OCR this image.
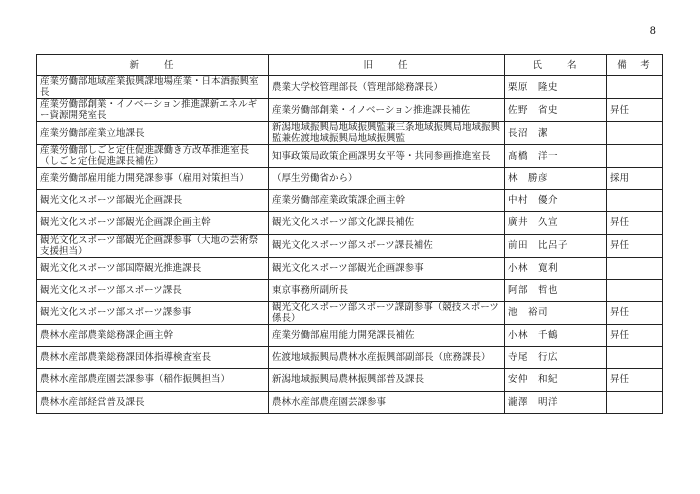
8
新　　任	旧　　任	氏　　名	備　考
産業労働部地域産業振興課地場産業・日本酒振興室長	農業大学校管理部長（管理部総務課長）	栗原　隆史	
産業労働部創業・イノベーション推進課新エネルギー資源開発室長	産業労働部創業・イノベーション推進課長補佐	佐野　省史	昇任
産業労働部産業立地課長	新潟地域振興局地域振興監兼三条地域振興局地域振興監兼佐渡地域振興局地域振興監	長沼　潔	
産業労働部しごと定住促進課働き方改革推進室長（しごと定住促進課長補佐）	知事政策局政策企画課男女平等・共同参画推進室長	髙橋　洋一	
産業労働部雇用能力開発課参事（雇用対策担当）	（厚生労働省から）	林　勝彦	採用
観光文化スポーツ部観光企画課長	産業労働部産業政策課企画主幹	中村　優介	
観光文化スポーツ部観光企画課企画主幹	観光文化スポーツ部文化課長補佐	廣井　久宣	昇任
観光文化スポーツ部観光企画課参事（大地の芸術祭支援担当）	観光文化スポーツ部スポーツ課長補佐	前田　比呂子	昇任
観光文化スポーツ部国際観光推進課長	観光文化スポーツ部観光企画課参事	小林　寛利	
観光文化スポーツ部スポーツ課長	東京事務所副所長	阿部　哲也	
観光文化スポーツ部スポーツ課参事	観光文化スポーツ部スポーツ課副参事（競技スポーツ係長）	池　裕司	昇任
農林水産部農業総務課企画主幹	産業労働部雇用能力開発課長補佐	小林　千鶴	昇任
農林水産部農業総務課団体指導検査室長	佐渡地域振興局農林水産振興部副部長（庶務課長）	寺尾　行広	
農林水産部農産園芸課参事（稲作振興担当）	新潟地域振興局農林振興部普及課長	安仲　和紀	昇任
農林水産部経営普及課長	農林水産部農産園芸課参事	瀧澤　明洋	
